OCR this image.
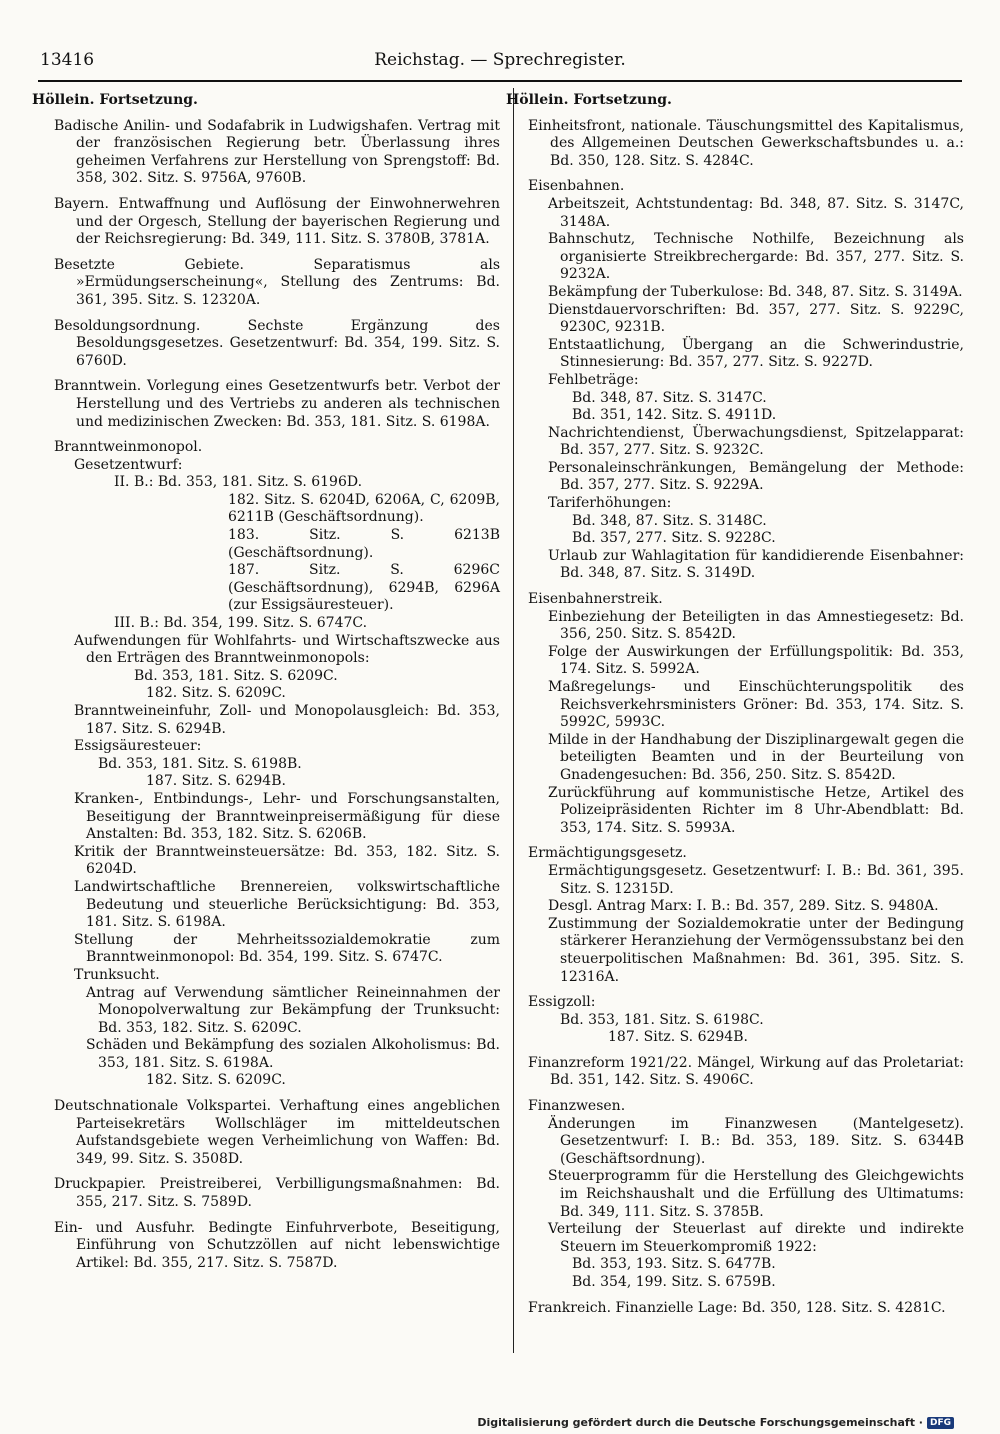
13416	Reichstag. — Sprechregister.

Höllein. Fortsetzung.

Badische Anilin- und Sodafabrik in Ludwigshafen. Vertrag mit der französischen Regierung betr. Überlassung ihres geheimen Verfahrens zur Herstellung von Sprengstoff: Bd. 358, 302. Sitz. S. 9756A, 9760B.

Bayern. Entwaffnung und Auflösung der Einwohnerwehren und der Orgesch, Stellung der bayerischen Regierung und der Reichsregierung: Bd. 349, 111. Sitz. S. 3780B, 3781A.

Besetzte Gebiete. Separatismus als »Ermüdungserscheinung«, Stellung des Zentrums: Bd. 361, 395. Sitz. S. 12320A.

Besoldungsordnung. Sechste Ergänzung des Besoldungsgesetzes. Gesetzentwurf: Bd. 354, 199. Sitz. S. 6760D.

Branntwein. Vorlegung eines Gesetzentwurfs betr. Verbot der Herstellung und des Vertriebs zu anderen als technischen und medizinischen Zwecken: Bd. 353, 181. Sitz. S. 6198A.

Branntweinmonopol.

Gesetzentwurf:

II. B.: Bd. 353, 181. Sitz. S. 6196D.

182. Sitz. S. 6204D, 6206A, C, 6209B, 6211B (Geschäftsordnung).

183. Sitz. S. 6213B (Geschäftsordnung).

187. Sitz. S. 6296C (Geschäftsordnung), 6294B, 6296A (zur Essigsäuresteuer).

III. B.: Bd. 354, 199. Sitz. S. 6747C.

Aufwendungen für Wohlfahrts- und Wirtschaftszwecke aus den Erträgen des Branntweinmonopols:

Bd. 353, 181. Sitz. S. 6209C.

182. Sitz. S. 6209C.

Branntweineinfuhr, Zoll- und Monopolausgleich: Bd. 353, 187. Sitz. S. 6294B.

Essigsäuresteuer:

Bd. 353, 181. Sitz. S. 6198B.

187. Sitz. S. 6294B.

Kranken-, Entbindungs-, Lehr- und Forschungsanstalten, Beseitigung der Branntweinpreisermäßigung für diese Anstalten: Bd. 353, 182. Sitz. S. 6206B.

Kritik der Branntweinsteuersätze: Bd. 353, 182. Sitz. S. 6204D.

Landwirtschaftliche Brennereien, volkswirtschaftliche Bedeutung und steuerliche Berücksichtigung: Bd. 353, 181. Sitz. S. 6198A.

Stellung der Mehrheitssozialdemokratie zum Branntweinmonopol: Bd. 354, 199. Sitz. S. 6747C.

Trunksucht.

Antrag auf Verwendung sämtlicher Reineinnahmen der Monopolverwaltung zur Bekämpfung der Trunksucht: Bd. 353, 182. Sitz. S. 6209C.

Schäden und Bekämpfung des sozialen Alkoholismus: Bd. 353, 181. Sitz. S. 6198A.

182. Sitz. S. 6209C.

Deutschnationale Volkspartei. Verhaftung eines angeblichen Parteisekretärs Wollschläger im mitteldeutschen Aufstandsgebiete wegen Verheimlichung von Waffen: Bd. 349, 99. Sitz. S. 3508D.

Druckpapier. Preistreiberei, Verbilligungsmaßnahmen: Bd. 355, 217. Sitz. S. 7589D.

Ein- und Ausfuhr. Bedingte Einfuhrverbote, Beseitigung, Einführung von Schutzzöllen auf nicht lebenswichtige Artikel: Bd. 355, 217. Sitz. S. 7587D.

Höllein. Fortsetzung.

Einheitsfront, nationale. Täuschungsmittel des Kapitalismus, des Allgemeinen Deutschen Gewerkschaftsbundes u. a.: Bd. 350, 128. Sitz. S. 4284C.

Eisenbahnen.

Arbeitszeit, Achtstundentag: Bd. 348, 87. Sitz. S. 3147C, 3148A.

Bahnschutz, Technische Nothilfe, Bezeichnung als organisierte Streikbrechergarde: Bd. 357, 277. Sitz. S. 9232A.

Bekämpfung der Tuberkulose: Bd. 348, 87. Sitz. S. 3149A.

Dienstdauervorschriften: Bd. 357, 277. Sitz. S. 9229C, 9230C, 9231B.

Entstaatlichung, Übergang an die Schwerindustrie, Stinnesierung: Bd. 357, 277. Sitz. S. 9227D.

Fehlbeträge:

Bd. 348, 87. Sitz. S. 3147C.

Bd. 351, 142. Sitz. S. 4911D.

Nachrichtendienst, Überwachungsdienst, Spitzelapparat: Bd. 357, 277. Sitz. S. 9232C.

Personaleinschränkungen, Bemängelung der Methode: Bd. 357, 277. Sitz. S. 9229A.

Tariferhöhungen:

Bd. 348, 87. Sitz. S. 3148C.

Bd. 357, 277. Sitz. S. 9228C.

Urlaub zur Wahlagitation für kandidierende Eisenbahner: Bd. 348, 87. Sitz. S. 3149D.

Eisenbahnerstreik.

Einbeziehung der Beteiligten in das Amnestiegesetz: Bd. 356, 250. Sitz. S. 8542D.

Folge der Auswirkungen der Erfüllungspolitik: Bd. 353, 174. Sitz. S. 5992A.

Maßregelungs- und Einschüchterungspolitik des Reichsverkehrsministers Gröner: Bd. 353, 174. Sitz. S. 5992C, 5993C.

Milde in der Handhabung der Disziplinargewalt gegen die beteiligten Beamten und in der Beurteilung von Gnadengesuchen: Bd. 356, 250. Sitz. S. 8542D.

Zurückführung auf kommunistische Hetze, Artikel des Polizeipräsidenten Richter im 8 Uhr-Abendblatt: Bd. 353, 174. Sitz. S. 5993A.

Ermächtigungsgesetz.

Ermächtigungsgesetz. Gesetzentwurf: I. B.: Bd. 361, 395. Sitz. S. 12315D.

Desgl. Antrag Marx: I. B.: Bd. 357, 289. Sitz. S. 9480A.

Zustimmung der Sozialdemokratie unter der Bedingung stärkerer Heranziehung der Vermögenssubstanz bei den steuerpolitischen Maßnahmen: Bd. 361, 395. Sitz. S. 12316A.

Essigzoll:

Bd. 353, 181. Sitz. S. 6198C.

187. Sitz. S. 6294B.

Finanzreform 1921/22. Mängel, Wirkung auf das Proletariat: Bd. 351, 142. Sitz. S. 4906C.

Finanzwesen.

Änderungen im Finanzwesen (Mantelgesetz). Gesetzentwurf: I. B.: Bd. 353, 189. Sitz. S. 6344B (Geschäftsordnung).

Steuerprogramm für die Herstellung des Gleichgewichts im Reichshaushalt und die Erfüllung des Ultimatums: Bd. 349, 111. Sitz. S. 3785B.

Verteilung der Steuerlast auf direkte und indirekte Steuern im Steuerkompromiß 1922:

Bd. 353, 193. Sitz. S. 6477B.

Bd. 354, 199. Sitz. S. 6759B.

Frankreich. Finanzielle Lage: Bd. 350, 128. Sitz. S. 4281C.

Digitalisierung gefördert durch die Deutsche Forschungsgemeinschaft · DFG
